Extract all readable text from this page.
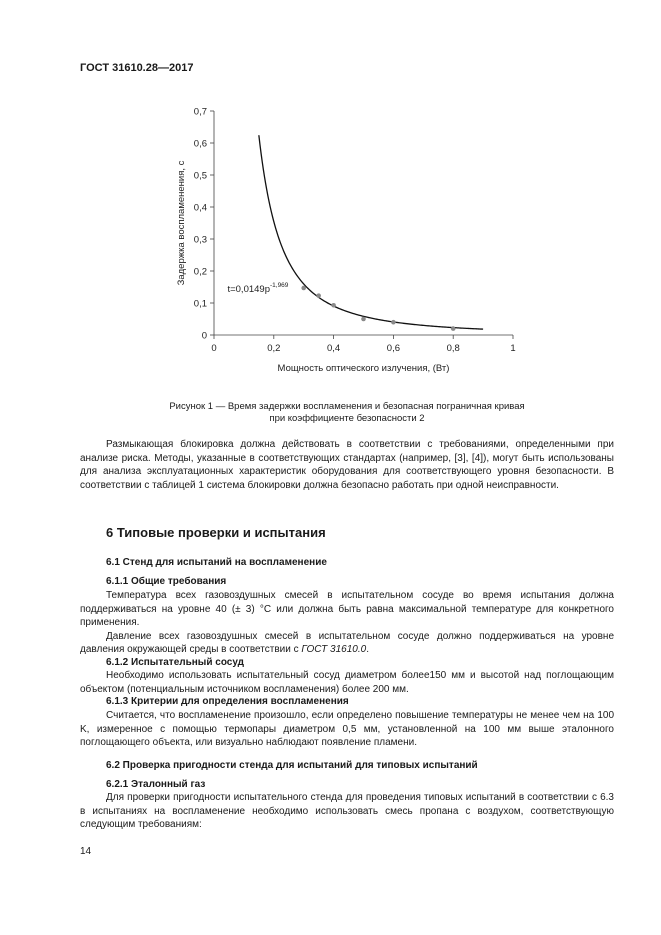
ГОСТ 31610.28—2017
0
0,1
0,2
0,3
0,4
0,5
0,6
0,7
0	0,2	0,4	0,6	0,8	1
Мощность оптического излучения, (Вт)
Задержка воспламенения, с
$t=0,0149p^{-1,969}$
Рисунок 1 — Время задержки воспламенения и безопасная пограничная кривая
при коэффициенте безопасности 2

Размыкающая блокировка должна действовать в соответствии с требованиями, определенными при анализе риска. Методы, указанные в соответствующих стандартах (например, [3], [4]), могут быть использованы для анализа эксплуатационных характеристик оборудования для соответствующего уровня безопасности. В соответствии с таблицей 1 система блокировки должна безопасно работать при одной неисправности.

6 Типовые проверки и испытания
6.1 Стенд для испытаний на воспламенение
6.1.1 Общие требования

Температура всех газовоздушных смесей в испытательном сосуде во время испытания должна поддерживаться на уровне 40 (± 3) °С или должна быть равна максимальной температуре для конкретного применения.

Давление всех газовоздушных смесей в испытательном сосуде должно поддерживаться на уровне давления окружающей среды в соответствии с ГОСТ 31610.0.

6.1.2 Испытательный сосуд

Необходимо использовать испытательный сосуд диаметром более150 мм и высотой над поглощающим объектом (потенциальным источником воспламенения) более 200 мм.

6.1.3 Критерии для определения воспламенения

Считается, что воспламенение произошло, если определено повышение температуры не менее чем на 100 K, измеренное с помощью термопары диаметром 0,5 мм, установленной на 100 мм выше эталонного поглощающего объекта, или визуально наблюдают появление пламени.

6.2 Проверка пригодности стенда для испытаний для типовых испытаний
6.2.1 Эталонный газ

Для проверки пригодности испытательного стенда для проведения типовых испытаний в соответствии с 6.3 в испытаниях на воспламенение необходимо использовать смесь пропана с воздухом, соответствующую следующим требованиям:

14
